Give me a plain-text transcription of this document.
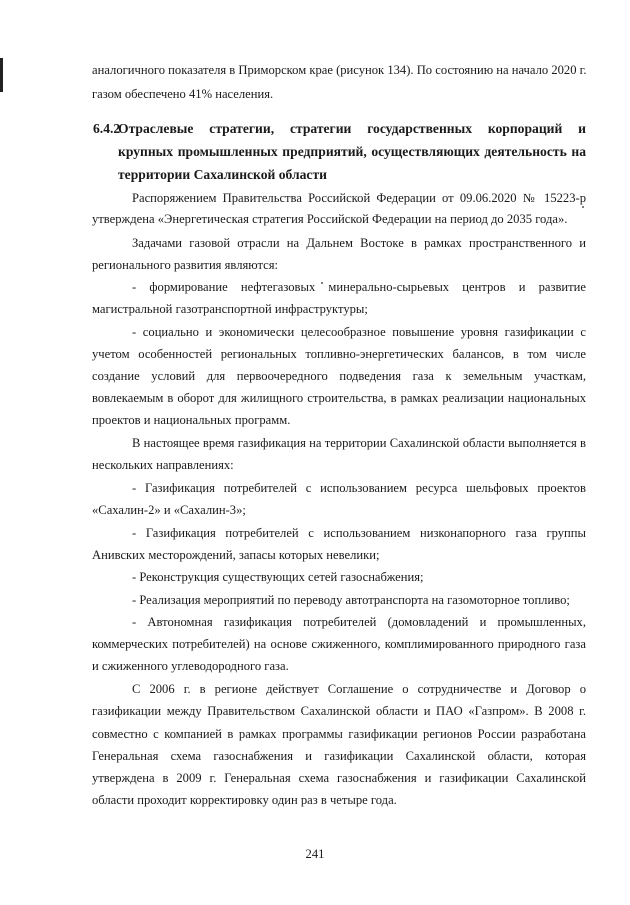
аналогичного показателя в Приморском крае (рисунок 134). По состоянию на начало 2020 г.
газом обеспечено 41% населения.
6.4.2
Отраслевые стратегии, стратегии государственных корпораций и
крупных промышленных предприятий, осуществляющих деятельность на
территории Сахалинской области
Распоряжением Правительства Российской Федерации от 09.06.2020 № 15223-р
утверждена «Энергетическая стратегия Российской Федерации на период до 2035 года».
Задачами газовой отрасли на Дальнем Востоке в рамках пространственного и
регионального развития являются:
- формирование нефтегазовых минерально-сырьевых центров и развитие
магистральной газотранспортной инфраструктуры;
- социально и экономически целесообразное повышение уровня газификации с
учетом особенностей региональных топливно-энергетических балансов, в том числе
создание условий для первоочередного подведения газа к земельным участкам,
вовлекаемым в оборот для жилищного строительства, в рамках реализации национальных
проектов и национальных программ.
В настоящее время газификация на территории Сахалинской области выполняется в
нескольких направлениях:
- Газификация потребителей с использованием ресурса шельфовых проектов
«Сахалин-2» и «Сахалин-3»;
- Газификация потребителей с использованием низконапорного газа группы
Анивских месторождений, запасы которых невелики;
- Реконструкция существующих сетей газоснабжения;
- Реализация мероприятий по переводу автотранспорта на газомоторное топливо;
- Автономная газификация потребителей (домовладений и промышленных,
коммерческих потребителей) на основе сжиженного, комплимированного природного газа
и сжиженного углеводородного газа.
С 2006 г. в регионе действует Соглашение о сотрудничестве и Договор о
газификации между Правительством Сахалинской области и ПАО «Газпром». В 2008 г.
совместно с компанией в рамках программы газификации регионов России разработана
Генеральная схема газоснабжения и газификации Сахалинской области, которая
утверждена в 2009 г. Генеральная схема газоснабжения и газификации Сахалинской
области проходит корректировку один раз в четыре года.
241
